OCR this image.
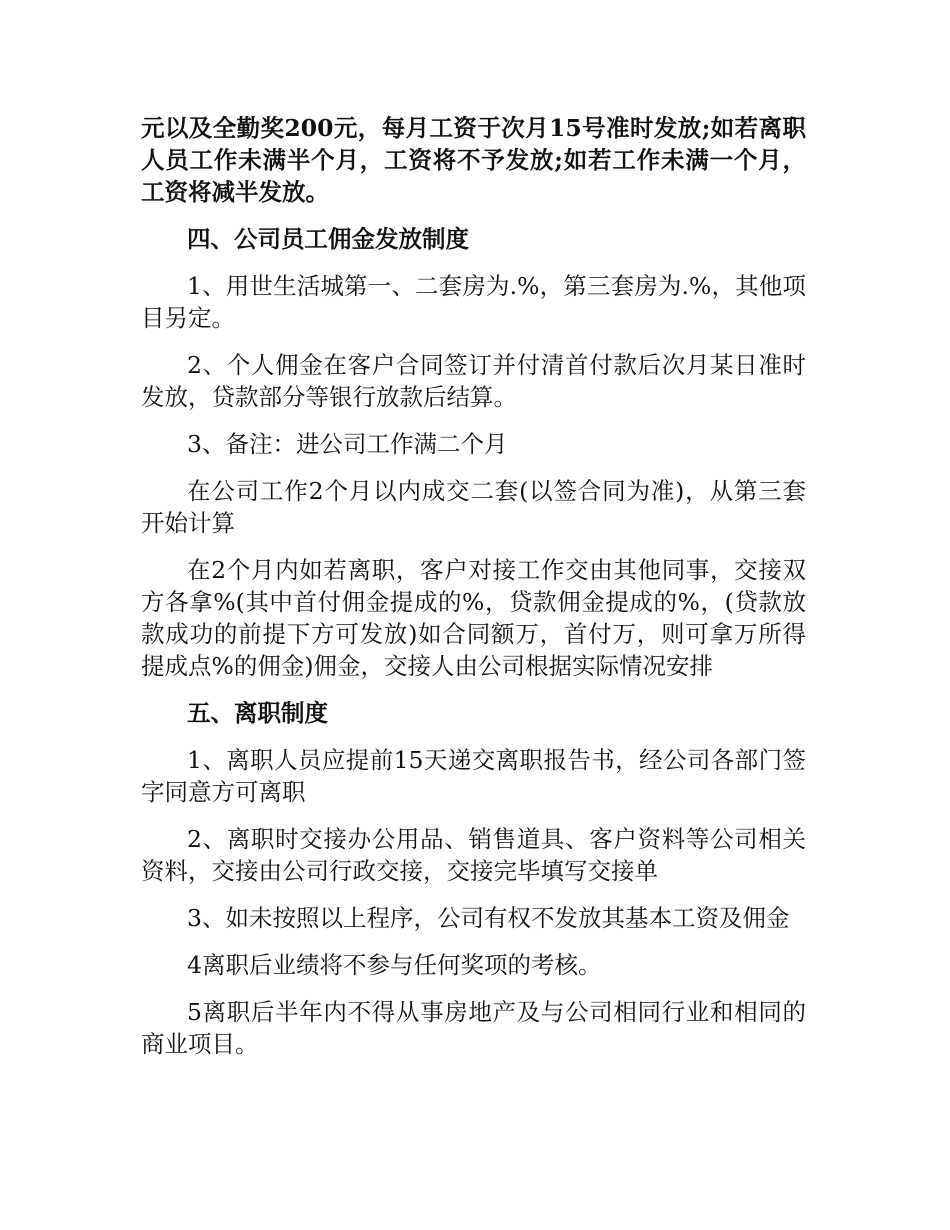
元以及全勤奖200元，每月工资于次月15号准时发放;如若离职人员工作未满半个月，工资将不予发放;如若工作未满一个月，工资将减半发放。

四、公司员工佣金发放制度

1、用世生活城第一、二套房为.%，第三套房为.%，其他项目另定。

2、个人佣金在客户合同签订并付清首付款后次月某日准时发放，贷款部分等银行放款后结算。

3、备注：进公司工作满二个月

在公司工作2个月以内成交二套(以签合同为准)，从第三套开始计算

在2个月内如若离职，客户对接工作交由其他同事，交接双方各拿%(其中首付佣金提成的%，贷款佣金提成的%，(贷款放款成功的前提下方可发放)如合同额万，首付万，则可拿万所得提成点%的佣金)佣金，交接人由公司根据实际情况安排

五、离职制度

1、离职人员应提前15天递交离职报告书，经公司各部门签字同意方可离职

2、离职时交接办公用品、销售道具、客户资料等公司相关资料，交接由公司行政交接，交接完毕填写交接单

3、如未按照以上程序，公司有权不发放其基本工资及佣金

4离职后业绩将不参与任何奖项的考核。

5离职后半年内不得从事房地产及与公司相同行业和相同的商业项目。
